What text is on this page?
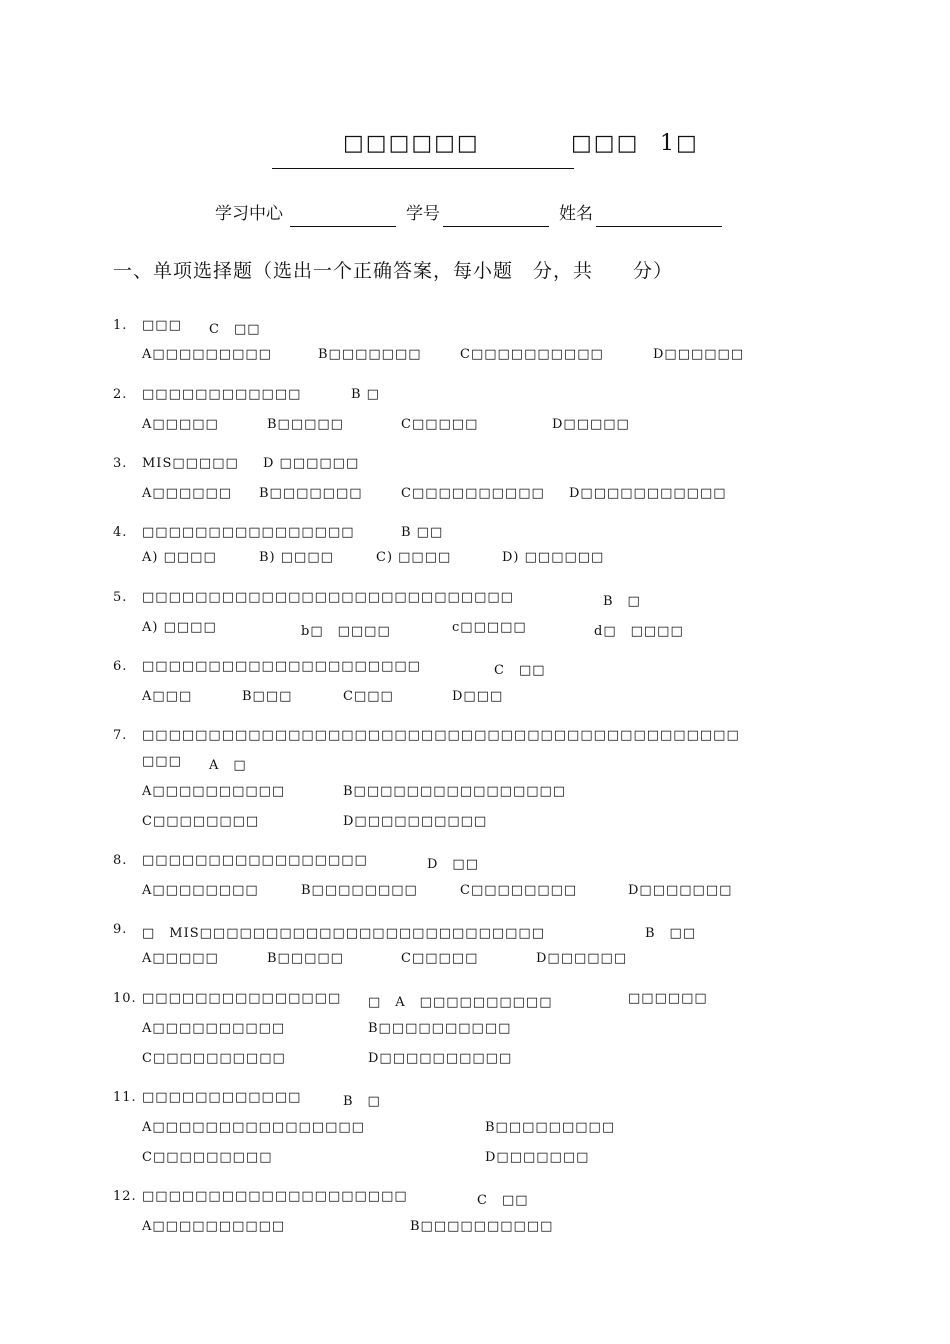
□□□□□□	□□□ 1□
学习中心	学号	姓名
一、单项选择题（选出一个正确答案，每小题　分，共　　分）
1. □□□ C　□□
A□□□□□□□□□	B□□□□□□□	C□□□□□□□□□□	D□□□□□□
2. □□□□□□□□□□□□	B □
A□□□□□	B□□□□□	C□□□□□	D□□□□□
3. MIS□□□□□ D □□□□□□
A□□□□□□ B□□□□□□□	C□□□□□□□□□□ D□□□□□□□□□□□
4. □□□□□□□□□□□□□□□□	B □□
A) □□□□	B) □□□□	C) □□□□	D) □□□□□□
5. □□□□□□□□□□□□□□□□□□□□□□□□□□□□	B　□
A) □□□□	b□　□□□□	c□□□□□	d□　□□□□
6. □□□□□□□□□□□□□□□□□□□□□	C　□□
A□□□	B□□□	C□□□	D□□□
7. □□□□□□□□□□□□□□□□□□□□□□□□□□□□□□□□□□□□□□□□□□□□□
□□□ A　□
A□□□□□□□□□□	B□□□□□□□□□□□□□□□□
C□□□□□□□□	D□□□□□□□□□□
8. □□□□□□□□□□□□□□□□□	D　□□
A□□□□□□□□	B□□□□□□□□	C□□□□□□□□	D□□□□□□□
9. □　MIS□□□□□□□□□□□□□□□□□□□□□□□□□□	B　□□
A□□□□□	B□□□□□	C□□□□□	D□□□□□□
10. □□□□□□□□□□□□□□□ □　A　□□□□□□□□□□	□□□□□□
A□□□□□□□□□□	B□□□□□□□□□□
C□□□□□□□□□□	D□□□□□□□□□□
11. □□□□□□□□□□□□	B　□
A□□□□□□□□□□□□□□□□	B□□□□□□□□□
C□□□□□□□□□	D□□□□□□□
12. □□□□□□□□□□□□□□□□□□□□	C　□□
A□□□□□□□□□□	B□□□□□□□□□□
